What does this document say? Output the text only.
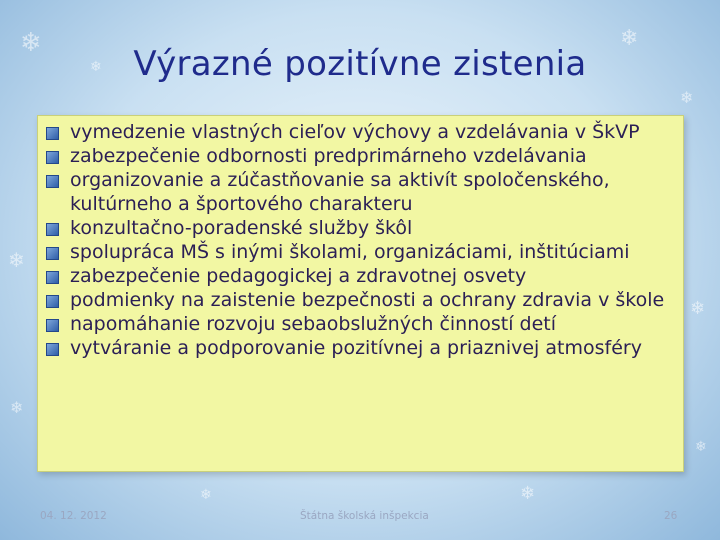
❄
❄
❄
❄
❄
❄
❄
❄
❄	❄
Výrazné pozitívne zistenia
vymedzenie vlastných cieľov výchovy a vzdelávania v ŠkVP
zabezpečenie odbornosti predprimárneho vzdelávania
organizovanie a zúčastňovanie sa aktivít spoločenského, kultúrneho a športového charakteru
konzultačno-poradenské služby škôl
spolupráca MŠ s inými školami, organizáciami, inštitúciami
zabezpečenie pedagogickej a zdravotnej osvety
podmienky na zaistenie bezpečnosti a ochrany zdravia v škole
napomáhanie rozvoju sebaobslužných činností detí
vytváranie a podporovanie pozitívnej a priaznivej atmosféry
04. 12. 2012	Štátna školská inšpekcia	26
